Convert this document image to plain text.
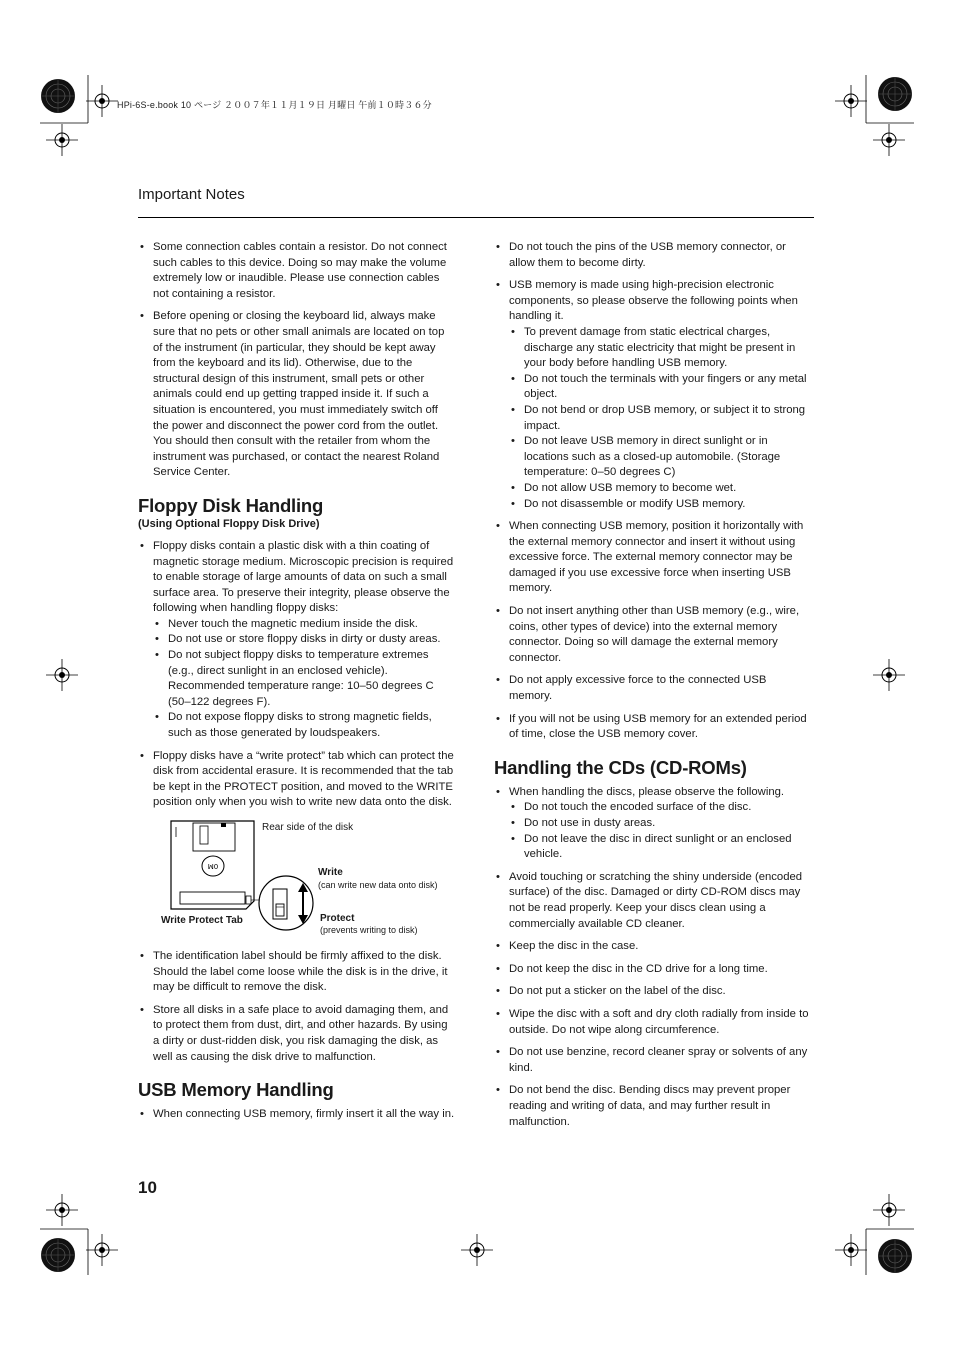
HPi-6S-e.book 10 ページ ２００７年１１月１９日 月曜日 午前１０時３６分
Important Notes
• Some connection cables contain a resistor. Do not connect such cables to this device. Doing so may make the volume extremely low or inaudible. Please use connection cables not containing a resistor.
• Before opening or closing the keyboard lid, always make sure that no pets or other small animals are located on top of the instrument (in particular, they should be kept away from the keyboard and its lid). Otherwise, due to the structural design of this instrument, small pets or other animals could end up getting trapped inside it. If such a situation is encountered, you must immediately switch off the power and disconnect the power cord from the outlet. You should then consult with the retailer from whom the instrument was purchased, or contact the nearest Roland Service Center.
Floppy Disk Handling
(Using Optional Floppy Disk Drive)
• Floppy disks contain a plastic disk with a thin coating of magnetic storage medium. Microscopic precision is required to enable storage of large amounts of data on such a small surface area. To preserve their integrity, please observe the following when handling floppy disks:
• Never touch the magnetic medium inside the disk.
• Do not use or store floppy disks in dirty or dusty areas.
• Do not subject floppy disks to temperature extremes (e.g., direct sunlight in an enclosed vehicle). Recommended temperature range: 10–50 degrees C (50–122 degrees F).
• Do not expose floppy disks to strong magnetic fields, such as those generated by loudspeakers.
• Floppy disks have a “write protect” tab which can protect the disk from accidental erasure. It is recommended that the tab be kept in the PROTECT position, and moved to the WRITE position only when you wish to write new data onto the disk.
ꟽ0
Rear side of the disk
Write
(can write new data onto disk)
Protect
(prevents writing to disk)
Write Protect Tab
• The identification label should be firmly affixed to the disk. Should the label come loose while the disk is in the drive, it may be difficult to remove the disk.
• Store all disks in a safe place to avoid damaging them, and to protect them from dust, dirt, and other hazards. By using a dirty or dust-ridden disk, you risk damaging the disk, as well as causing the disk drive to malfunction.
USB Memory Handling
• When connecting USB memory, firmly insert it all the way in.
• Do not touch the pins of the USB memory connector, or allow them to become dirty.
• USB memory is made using high-precision electronic components, so please observe the following points when handling it.
• To prevent damage from static electrical charges, discharge any static electricity that might be present in your body before handling USB memory.
• Do not touch the terminals with your fingers or any metal object.
• Do not bend or drop USB memory, or subject it to strong impact.
• Do not leave USB memory in direct sunlight or in locations such as a closed-up automobile. (Storage temperature: 0–50 degrees C)
• Do not allow USB memory to become wet.
• Do not disassemble or modify USB memory.
• When connecting USB memory, position it horizontally with the external memory connector and insert it without using excessive force. The external memory connector may be damaged if you use excessive force when inserting USB memory.
• Do not insert anything other than USB memory (e.g., wire, coins, other types of device) into the external memory connector. Doing so will damage the external memory connector.
• Do not apply excessive force to the connected USB memory.
• If you will not be using USB memory for an extended period of time, close the USB memory cover.
Handling the CDs (CD-ROMs)
• When handling the discs, please observe the following.
• Do not touch the encoded surface of the disc.
• Do not use in dusty areas.
• Do not leave the disc in direct sunlight or an enclosed vehicle.
• Avoid touching or scratching the shiny underside (encoded surface) of the disc. Damaged or dirty CD-ROM discs may not be read properly. Keep your discs clean using a commercially available CD cleaner.
• Keep the disc in the case.
• Do not keep the disc in the CD drive for a long time.
• Do not put a sticker on the label of the disc.
• Wipe the disc with a soft and dry cloth radially from inside to outside. Do not wipe along circumference.
• Do not use benzine, record cleaner spray or solvents of any kind.
• Do not bend the disc. Bending discs may prevent proper reading and writing of data, and may further result in malfunction.
10
